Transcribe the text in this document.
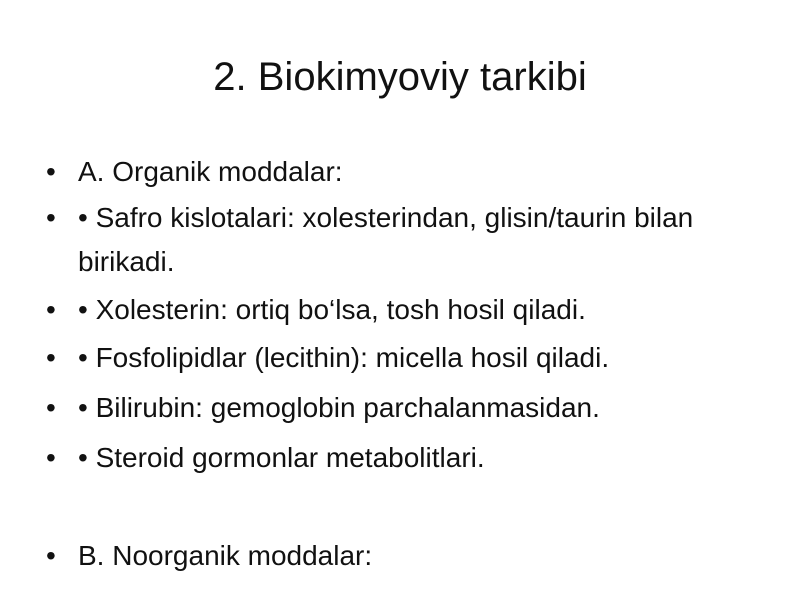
2. Biokimyoviy tarkibi
• A. Organik moddalar:
• • Safro kislotalari: xolesterindan, glisin/taurin bilan birikadi.
• • Xolesterin: ortiq bo‘lsa, tosh hosil qiladi.
• • Fosfolipidlar (lecithin): micella hosil qiladi.
• • Bilirubin: gemoglobin parchalanmasidan.
• • Steroid gormonlar metabolitlari.
• B. Noorganik moddalar:
